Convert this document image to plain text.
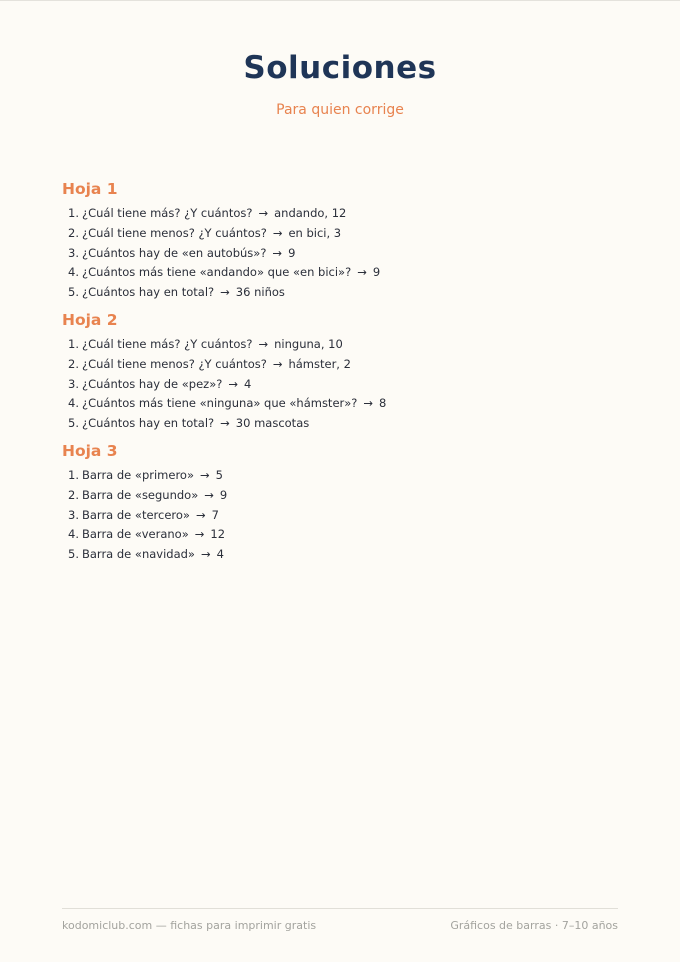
Soluciones
Para quien corrige
Hoja 1
1. ¿Cuál tiene más? ¿Y cuántos? → andando, 12
2. ¿Cuál tiene menos? ¿Y cuántos? → en bici, 3
3. ¿Cuántos hay de «en autobús»? → 9
4. ¿Cuántos más tiene «andando» que «en bici»? → 9
5. ¿Cuántos hay en total? → 36 niños
Hoja 2
1. ¿Cuál tiene más? ¿Y cuántos? → ninguna, 10
2. ¿Cuál tiene menos? ¿Y cuántos? → hámster, 2
3. ¿Cuántos hay de «pez»? → 4
4. ¿Cuántos más tiene «ninguna» que «hámster»? → 8
5. ¿Cuántos hay en total? → 30 mascotas
Hoja 3
1. Barra de «primero» → 5
2. Barra de «segundo» → 9
3. Barra de «tercero» → 7
4. Barra de «verano» → 12
5. Barra de «navidad» → 4
kodomiclub.com — fichas para imprimir gratis	Gráficos de barras · 7–10 años
